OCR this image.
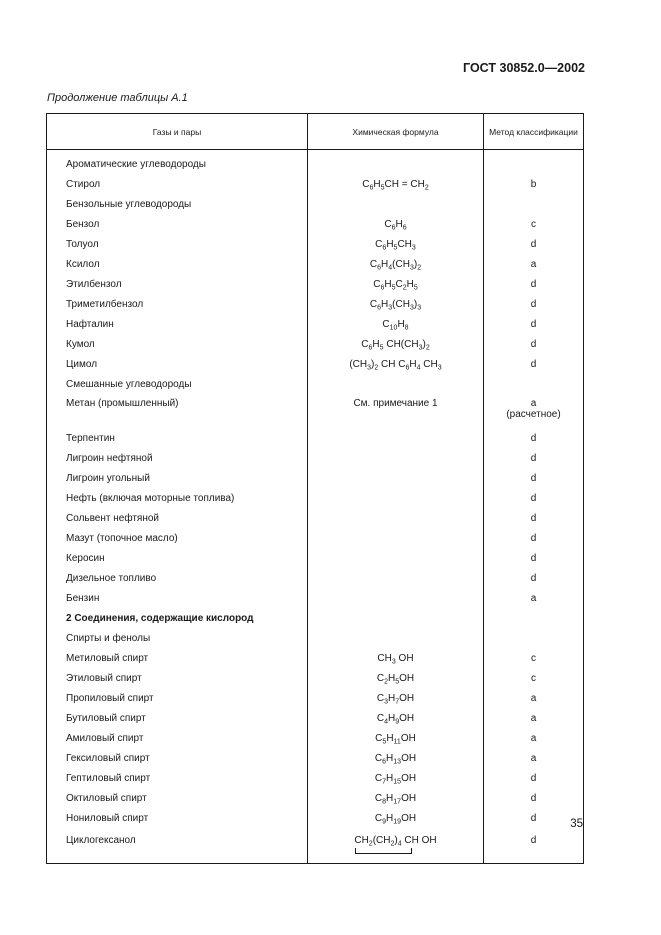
ГОСТ 30852.0—2002
Продолжение таблицы А.1
Газы и пары	Химическая формула	Метод классификации
Ароматические углеводороды		
Стирол	$C_6H_5CH = CH_2$	b
Бензольные углеводороды		
Бензол	$C_6H_6$	c
Толуол	$C_6H_5CH_3$	d
Ксилол	$C_6H_4(CH_3)_2$	a
Этилбензол	$C_6H_5C_2H_5$	d
Триметилбензол	$C_6H_3(CH_3)_3$	d
Нафталин	$C_{10}H_8$	d
Кумол	$C_6H_5$ $CH(CH_3)_2$	d
Цимол	$(CH_3)_2$ CH $C_6H_4$ $CH_3$	d
Смешанные углеводороды		
Метан (промышленный)	См. примечание 1	a
(расчетное)
Терпентин		d
Лигроин нефтяной		d
Лигроин угольный		d
Нефть (включая моторные топлива)		d
Сольвент нефтяной		d
Мазут (топочное масло)		d
Керосин		d
Дизельное топливо		d
Бензин		a
2 Соединения, содержащие кислород		
Спирты и фенолы		
Метиловый спирт	$CH_3$ OH	c
Этиловый спирт	$C_2H_5OH$	c
Пропиловый спирт	$C_3H_7OH$	a
Бутиловый спирт	$C_4H_9OH$	a
Амиловый спирт	$C_5H_{11}OH$	a
Гексиловый спирт	$C_6H_{13}OH$	a
Гептиловый спирт	$C_7H_{15}OH$	d
Октиловый спирт	$C_8H_{17}OH$	d
Нониловый спирт	$C_9H_{19}OH$	d
Циклогексанол	$CH_2(CH_2)_4$ CH OH	d
35
